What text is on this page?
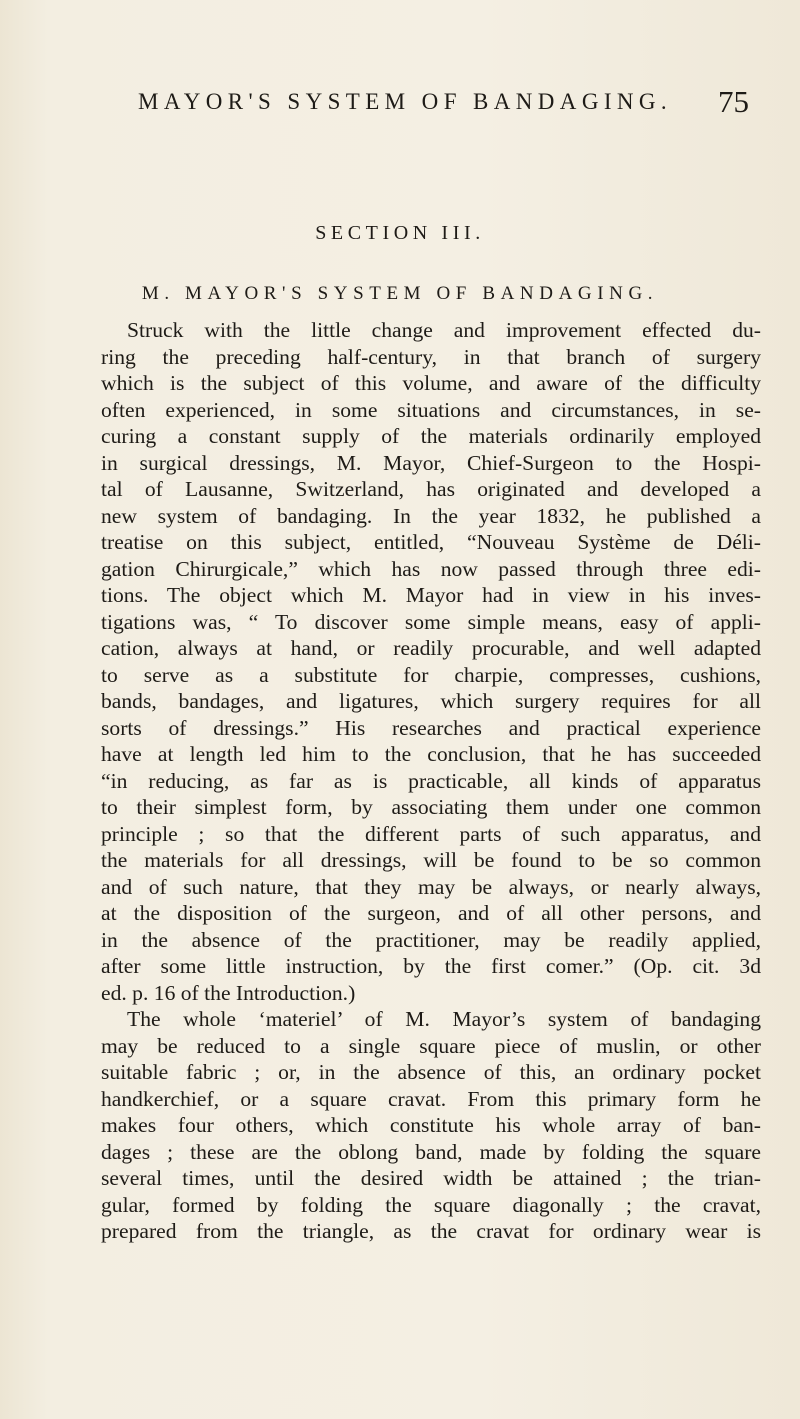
MAYOR'S SYSTEM OF BANDAGING. 75
SECTION III.
M. MAYOR'S SYSTEM OF BANDAGING.
Struck with the little change and improvement effected du-
ring the preceding half-century, in that branch of surgery
which is the subject of this volume, and aware of the difficulty
often experienced, in some situations and circumstances, in se-
curing a constant supply of the materials ordinarily employed
in surgical dressings, M. Mayor, Chief-Surgeon to the Hospi-
tal of Lausanne, Switzerland, has originated and developed a
new system of bandaging. In the year 1832, he published a
treatise on this subject, entitled, “Nouveau Système de Déli-
gation Chirurgicale,” which has now passed through three edi-
tions. The object which M. Mayor had in view in his inves-
tigations was, “ To discover some simple means, easy of appli-
cation, always at hand, or readily procurable, and well adapted
to serve as a substitute for charpie, compresses, cushions,
bands, bandages, and ligatures, which surgery requires for all
sorts of dressings.” His researches and practical experience
have at length led him to the conclusion, that he has succeeded
“in reducing, as far as is practicable, all kinds of apparatus
to their simplest form, by associating them under one common
principle ; so that the different parts of such apparatus, and
the materials for all dressings, will be found to be so common
and of such nature, that they may be always, or nearly always,
at the disposition of the surgeon, and of all other persons, and
in the absence of the practitioner, may be readily applied,
after some little instruction, by the first comer.” (Op. cit. 3d
ed. p. 16 of the Introduction.)
The whole ‘materiel’ of M. Mayor’s system of bandaging
may be reduced to a single square piece of muslin, or other
suitable fabric ; or, in the absence of this, an ordinary pocket
handkerchief, or a square cravat. From this primary form he
makes four others, which constitute his whole array of ban-
dages ; these are the oblong band, made by folding the square
several times, until the desired width be attained ; the trian-
gular, formed by folding the square diagonally ; the cravat,
prepared from the triangle, as the cravat for ordinary wear is
